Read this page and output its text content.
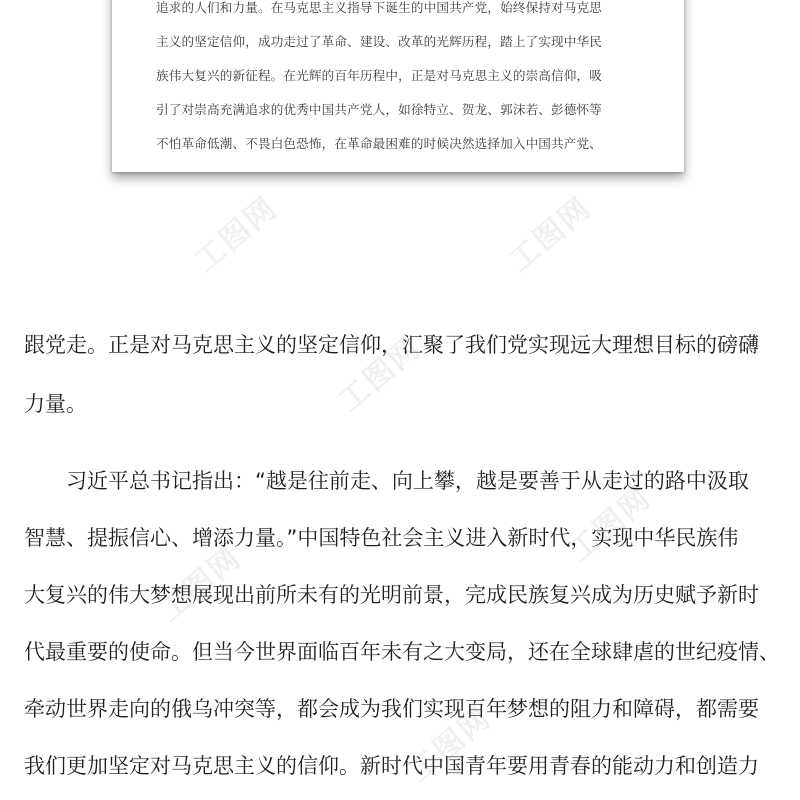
工图网	工图网
工图网
工图网
工图网
工图网
追求的人们和力量。在马克思主义指导下诞生的中国共产党，始终保持对马克思
主义的坚定信仰，成功走过了革命、建设、改革的光辉历程，踏上了实现中华民
族伟大复兴的新征程。在光辉的百年历程中，正是对马克思主义的崇高信仰，吸
引了对崇高充满追求的优秀中国共产党人，如徐特立、贺龙、郭沫若、彭德怀等
不怕革命低潮、不畏白色恐怖，在革命最困难的时候决然选择加入中国共产党、
跟党走。正是对马克思主义的坚定信仰，汇聚了我们党实现远大理想目标的磅礴
力量。
　　习近平总书记指出：“越是往前走、向上攀，越是要善于从走过的路中汲取
智慧、提振信心、增添力量。”中国特色社会主义进入新时代，实现中华民族伟
大复兴的伟大梦想展现出前所未有的光明前景，完成民族复兴成为历史赋予新时
代最重要的使命。但当今世界面临百年未有之大变局，还在全球肆虐的世纪疫情、
牵动世界走向的俄乌冲突等，都会成为我们实现百年梦想的阻力和障碍，都需要
我们更加坚定对马克思主义的信仰。新时代中国青年要用青春的能动力和创造力
